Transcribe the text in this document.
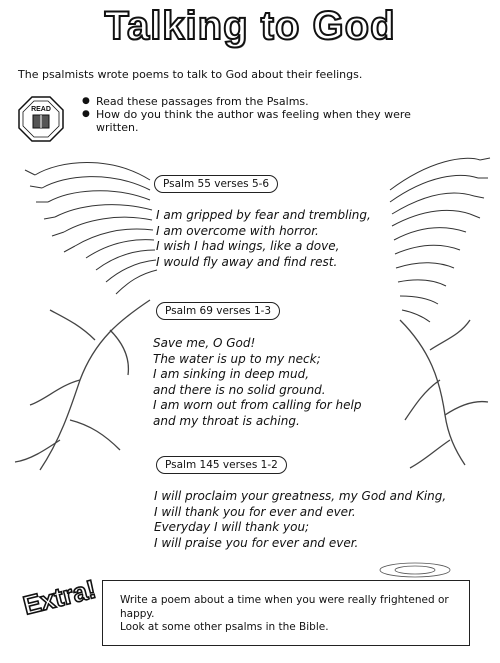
Talking to God
The psalmists wrote poems to talk to God about their feelings.
READ
● Read these passages from the Psalms.
● How do you think the author was feeling when they were written.
Psalm 55 verses 5-6
I am gripped by fear and trembling,
I am overcome with horror.
I wish I had wings, like a dove,
I would fly away and find rest.
Psalm 69 verses 1-3
Save me, O God!
The water is up to my neck;
I am sinking in deep mud,
and there is no solid ground.
I am worn out from calling for help
and my throat is aching.
Psalm 145 verses 1-2
I will proclaim your greatness, my God and King,
I will thank you for ever and ever.
Everyday I will thank you;
I will praise you for ever and ever.
Extra!	Write a poem about a time when you were really frightened or happy.
Look at some other psalms in the Bible.
